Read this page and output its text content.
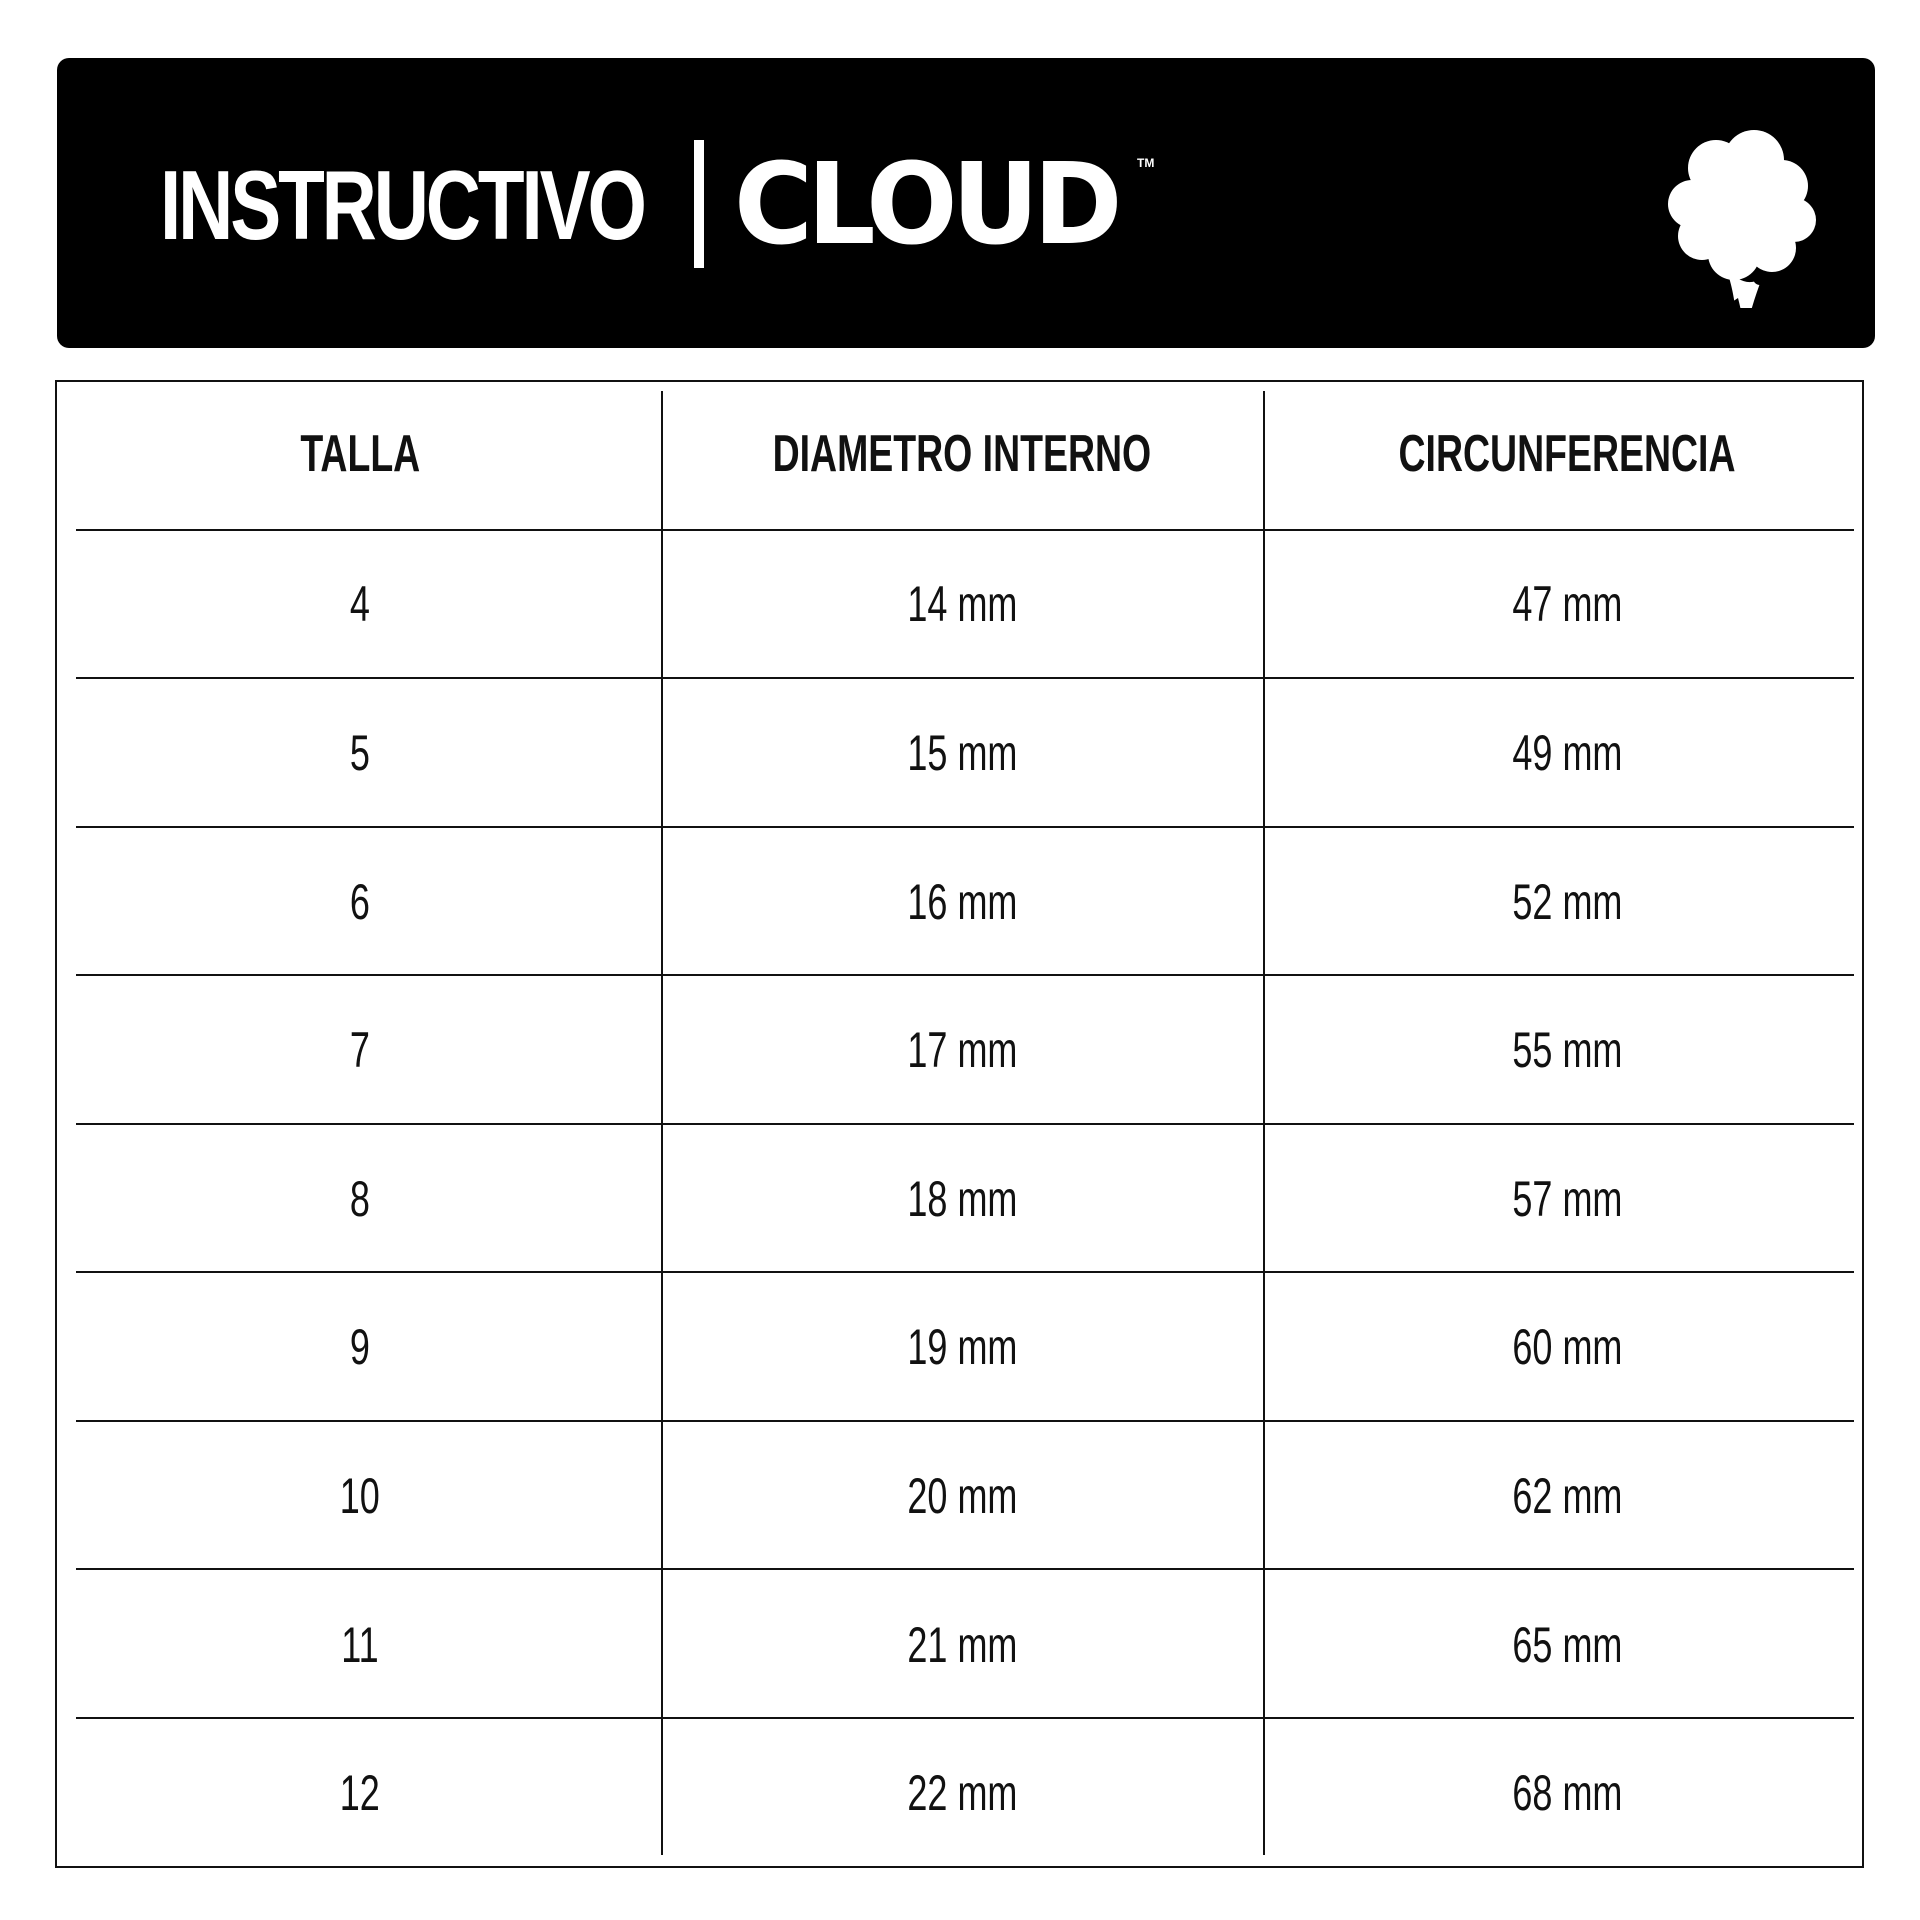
INSTRUCTIVO CLOUD TM
TALLA	DIAMETRO INTERNO	CIRCUNFERENCIA
4	14 mm	47 mm
5	15 mm	49 mm
6	16 mm	52 mm
7	17 mm	55 mm
8	18 mm	57 mm
9	19 mm	60 mm
10	20 mm	62 mm
11	21 mm	65 mm
12	22 mm	68 mm
